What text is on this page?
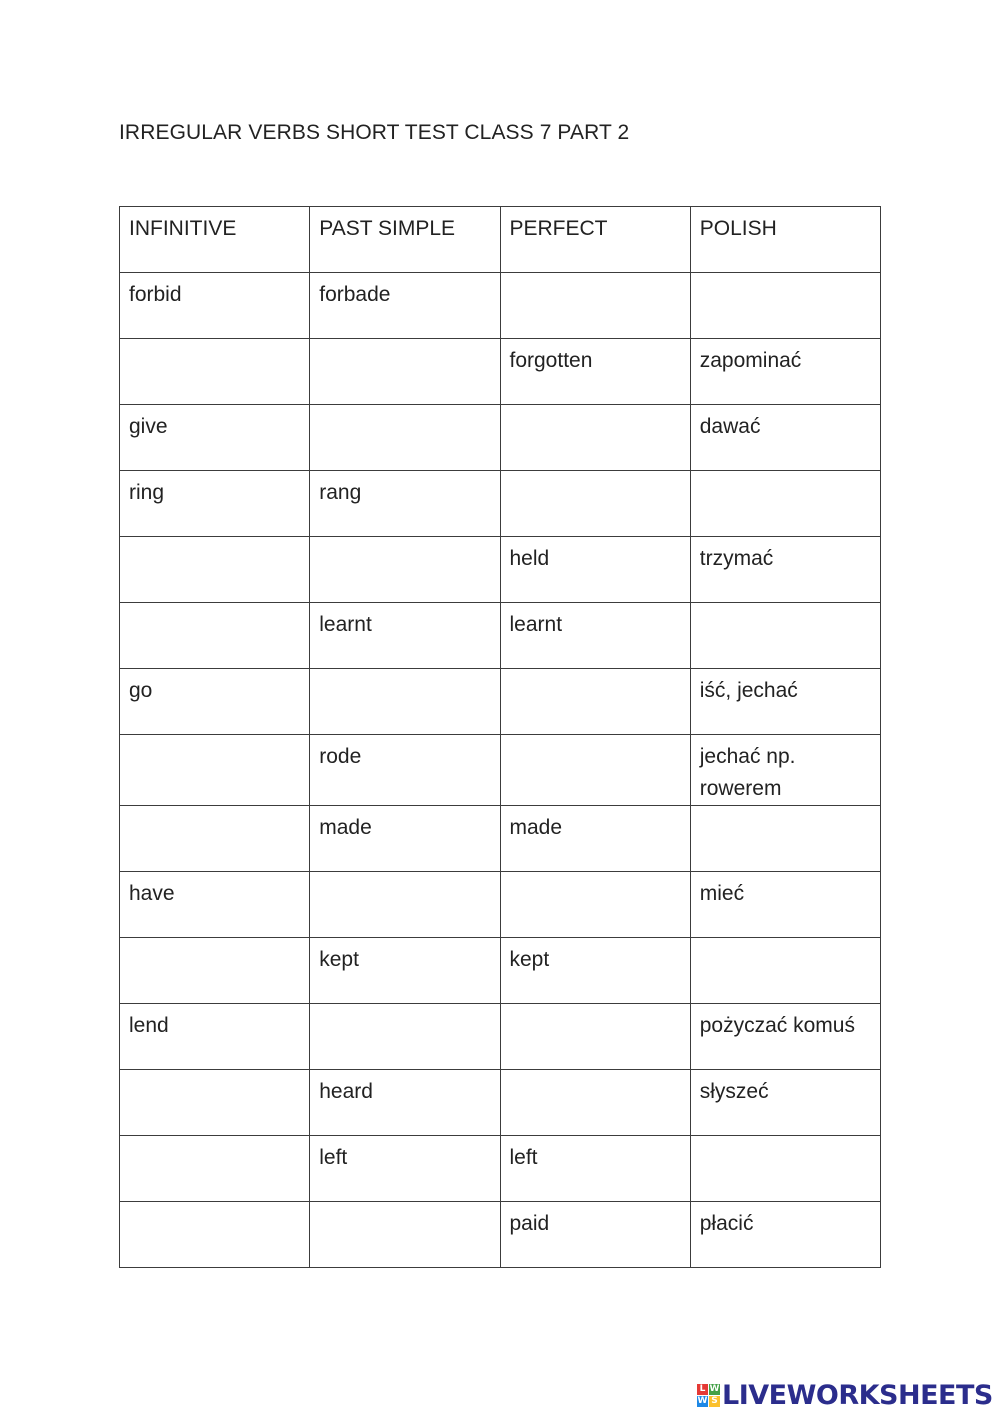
IRREGULAR VERBS SHORT TEST CLASS 7 PART 2
INFINITIVE	PAST SIMPLE	PERFECT	POLISH
forbid	forbade		
		forgotten	zapominać
give			dawać
ring	rang		
		held	trzymać
	learnt	learnt	
go			iść, jechać
	rode		jechać np. rowerem
	made	made	
have			mieć
	kept	kept	
lend			pożyczać komuś
	heard		słyszeć
	left	left	
		paid	płacić
L W
W S LIVEWORKSHEETS
